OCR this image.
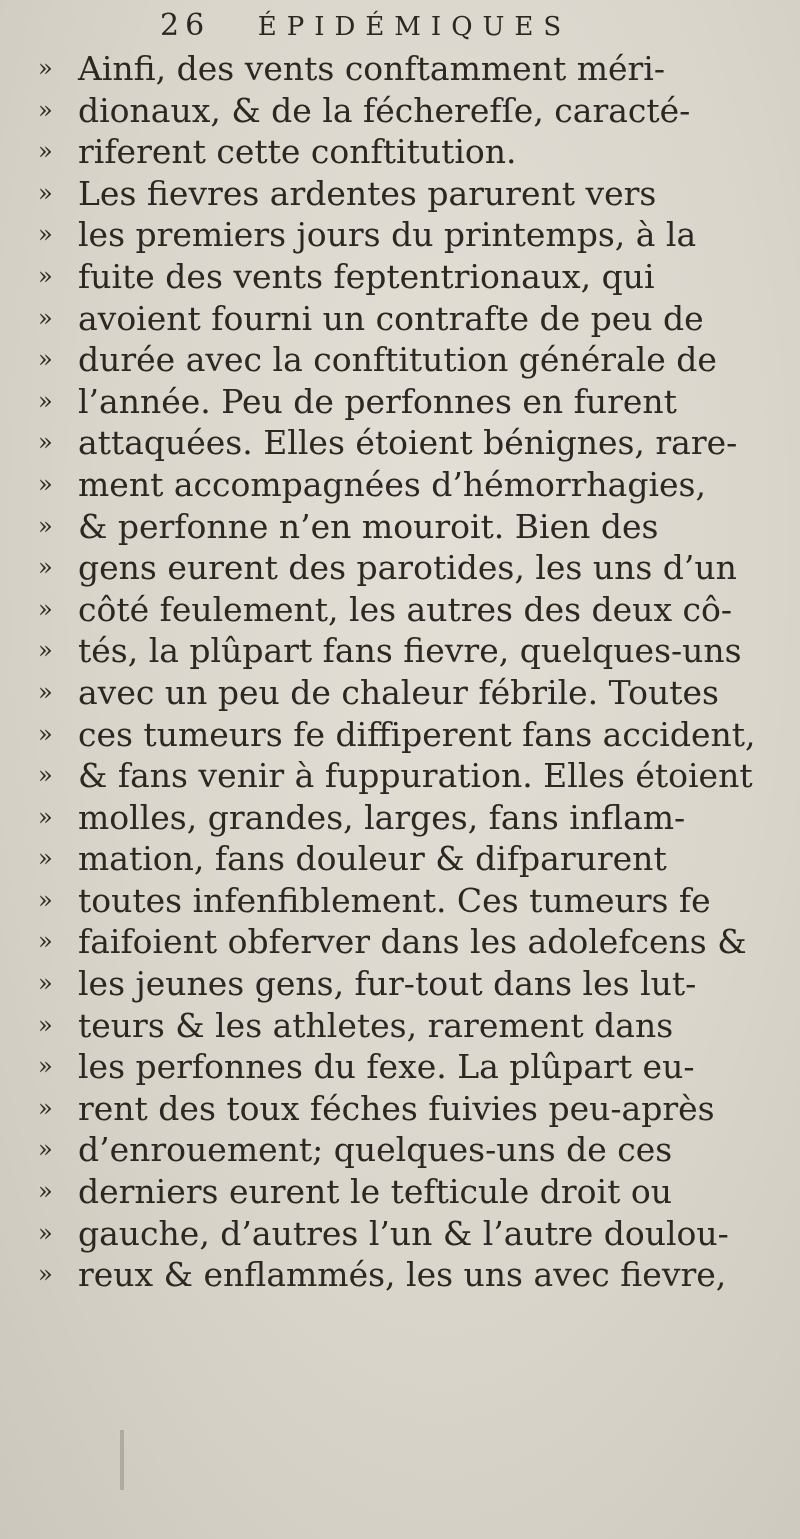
26 ÉPIDÉMIQUES
» Ainfi, des vents conftamment méri-
» dionaux, & de la fécherefſe, caracté-
» riferent cette conftitution.
» Les fievres ardentes parurent vers
» les premiers jours du printemps, à la
» fuite des vents feptentrionaux, qui
» avoient fourni un contrafte de peu de
» durée avec la conftitution générale de
» l’année. Peu de perfonnes en furent
» attaquées. Elles étoient bénignes, rare-
» ment accompagnées d’hémorrhagies,
» & perfonne n’en mouroit. Bien des
» gens eurent des parotides, les uns d’un
» côté feulement, les autres des deux cô-
» tés, la plûpart fans fievre, quelques-uns
» avec un peu de chaleur fébrile. Toutes
» ces tumeurs fe diffiperent fans accident,
» & fans venir à fuppuration. Elles étoient
» molles, grandes, larges, fans inflam-
» mation, fans douleur & difparurent
» toutes infenfiblement. Ces tumeurs fe
» faifoient obferver dans les adolefcens &
» les jeunes gens, fur-tout dans les lut-
» teurs & les athletes, rarement dans
» les perfonnes du fexe. La plûpart eu-
» rent des toux féches fuivies peu-après
» d’enrouement; quelques-uns de ces
» derniers eurent le tefticule droit ou
» gauche, d’autres l’un & l’autre doulou-
» reux & enflammés, les uns avec fievre,
